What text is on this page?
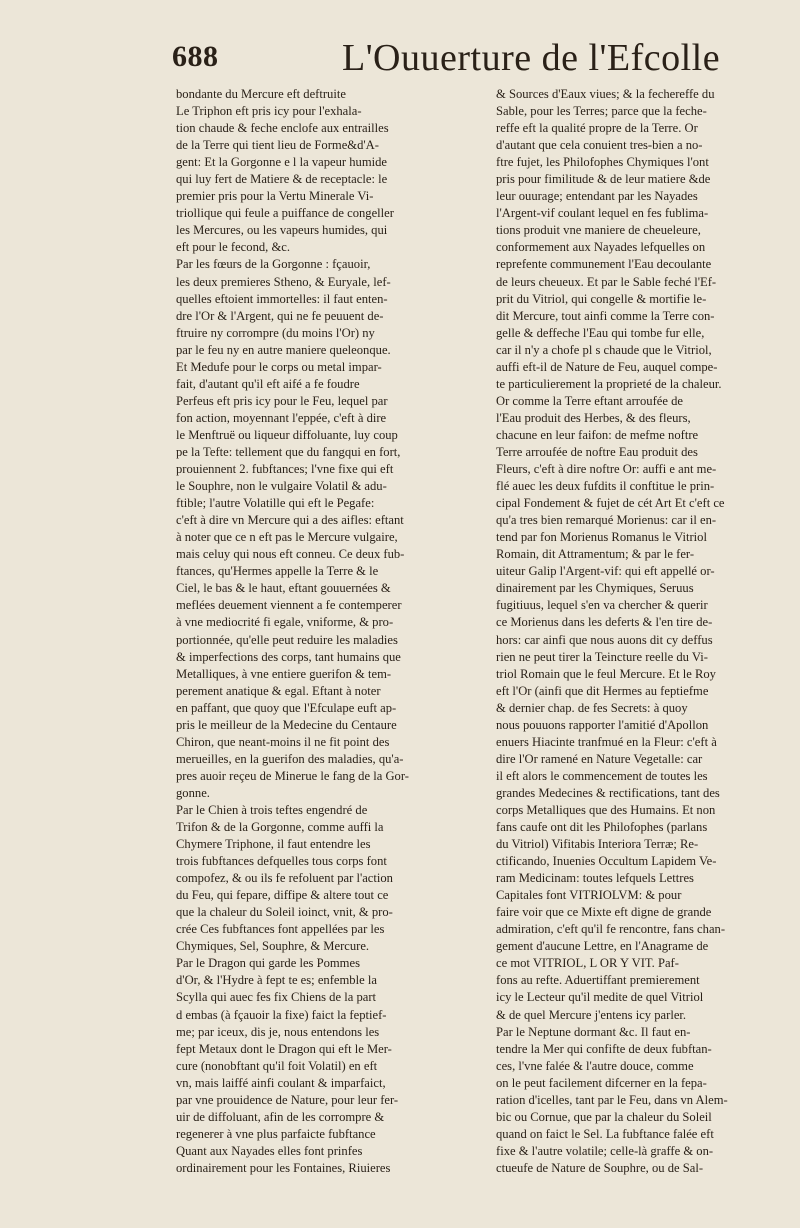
688	L'Ouuerture de l'Efcolle
bondante du Mercure eft deftruite
Le Triphon eft pris icy pour l'exhala-
tion chaude & feche enclofe aux entrailles
de la Terre qui tient lieu de Forme&d'A-
gent: Et la Gorgonne e l la vapeur humide
qui luy fert de Matiere & de receptacle: le
premier pris pour la Vertu Minerale Vi-
triollique qui feule a puiffance de congeller
les Mercures, ou les vapeurs humides, qui
eft pour le fecond, &c.
Par les fœurs de la Gorgonne : fçauoir,
les deux premieres Stheno, & Euryale, lef-
quelles eftoient immortelles: il faut enten-
dre l'Or & l'Argent, qui ne fe peuuent de-
ftruire ny corrompre (du moins l'Or) ny
par le feu ny en autre maniere queleonque.
Et Medufe pour le corps ou metal impar-
fait, d'autant qu'il eft aifé a fe foudre
Perfeus eft pris icy pour le Feu, lequel par
fon action, moyennant l'eppée, c'eft à dire
le Menftruë ou liqueur diffoluante, luy coup
pe la Tefte: tellement que du fangqui en fort,
prouiennent 2. fubftances; l'vne fixe qui eft
le Souphre, non le vulgaire Volatil & adu-
ftible; l'autre Volatille qui eft le Pegafe:
c'eft à dire vn Mercure qui a des aifles: eftant
à noter que ce n eft pas le Mercure vulgaire,
mais celuy qui nous eft conneu. Ce deux fub-
ftances, qu'Hermes appelle la Terre & le
Ciel, le bas & le haut, eftant gouuernées &
meflées deuement viennent a fe contemperer
à vne mediocrité fi egale, vniforme, & pro-
portionnée, qu'elle peut reduire les maladies
& imperfections des corps, tant humains que
Metalliques, à vne entiere guerifon & tem-
perement anatique & egal. Eftant à noter
en paffant, que quoy que l'Efculape euft ap-
pris le meilleur de la Medecine du Centaure
Chiron, que neant-moins il ne fit point des
merueilles, en la guerifon des maladies, qu'a-
pres auoir reçeu de Minerue le fang de la Gor-
gonne.
Par le Chien à trois teftes engendré de
Trifon & de la Gorgonne, comme auffi la
Chymere Triphone, il faut entendre les
trois fubftances defquelles tous corps font
compofez, & ou ils fe refoluent par l'action
du Feu, qui fepare, diffipe & altere tout ce
que la chaleur du Soleil ioinct, vnit, & pro-
crée Ces fubftances font appellées par les
Chymiques, Sel, Souphre, & Mercure.
Par le Dragon qui garde les Pommes
d'Or, & l'Hydre à fept te es; enfemble la
Scylla qui auec fes fix Chiens de la part
d embas (à fçauoir la fixe) faict la feptief-
me; par iceux, dis je, nous entendons les
fept Metaux dont le Dragon qui eft le Mer-
cure (nonobftant qu'il foit Volatil) en eft
vn, mais laiffé ainfi coulant & imparfaict,
par vne prouidence de Nature, pour leur fer-
uir de diffoluant, afin de les corrompre &
regenerer à vne plus parfaicte fubftance
Quant aux Nayades elles font prinfes
ordinairement pour les Fontaines, Riuieres
& Sources d'Eaux viues; & la fechereffe du
Sable, pour les Terres; parce que la feche-
reffe eft la qualité propre de la Terre. Or
d'autant que cela conuient tres-bien a no-
ftre fujet, les Philofophes Chymiques l'ont
pris pour fimilitude & de leur matiere &de
leur ouurage; entendant par les Nayades
l'Argent-vif coulant lequel en fes fublima-
tions produit vne maniere de cheueleure,
conformement aux Nayades lefquelles on
reprefente communement l'Eau decoulante
de leurs cheueux. Et par le Sable feché l'Ef-
prit du Vitriol, qui congelle & mortifie le-
dit Mercure, tout ainfi comme la Terre con-
gelle & deffeche l'Eau qui tombe fur elle,
car il n'y a chofe pl s chaude que le Vitriol,
auffi eft-il de Nature de Feu, auquel compe-
te particulierement la proprieté de la chaleur.
Or comme la Terre eftant arroufée de
l'Eau produit des Herbes, & des fleurs,
chacune en leur faifon: de mefme noftre
Terre arroufée de noftre Eau produit des
Fleurs, c'eft à dire noftre Or: auffi e ant me-
flé auec les deux fufdits il conftitue le prin-
cipal Fondement & fujet de cét Art Et c'eft ce
qu'a tres bien remarqué Morienus: car il en-
tend par fon Morienus Romanus le Vitriol
Romain, dit Attramentum; & par le fer-
uiteur Galip l'Argent-vif: qui eft appellé or-
dinairement par les Chymiques, Seruus
fugitiuus, lequel s'en va chercher & querir
ce Morienus dans les deferts & l'en tire de-
hors: car ainfi que nous auons dit cy deffus
rien ne peut tirer la Teincture reelle du Vi-
triol Romain que le feul Mercure. Et le Roy
eft l'Or (ainfi que dit Hermes au feptiefme
& dernier chap. de fes Secrets: à quoy
nous pouuons rapporter l'amitié d'Apollon
enuers Hiacinte tranfmué en la Fleur: c'eft à
dire l'Or ramené en Nature Vegetalle: car
il eft alors le commencement de toutes les
grandes Medecines & rectifications, tant des
corps Metalliques que des Humains. Et non
fans caufe ont dit les Philofophes (parlans
du Vitriol) Vifitabis Interiora Terræ; Re-
ctificando, Inuenies Occultum Lapidem Ve-
ram Medicinam: toutes lefquels Lettres
Capitales font VITRIOLVM: & pour
faire voir que ce Mixte eft digne de grande
admiration, c'eft qu'il fe rencontre, fans chan-
gement d'aucune Lettre, en l'Anagrame de
ce mot VITRIOL, L OR Y VIT. Paf-
fons au refte. Aduertiffant premierement
icy le Lecteur qu'il medite de quel Vitriol
& de quel Mercure j'entens icy parler.
Par le Neptune dormant &c. Il faut en-
tendre la Mer qui confifte de deux fubftan-
ces, l'vne falée & l'autre douce, comme
on le peut facilement difcerner en la fepa-
ration d'icelles, tant par le Feu, dans vn Alem-
bic ou Cornue, que par la chaleur du Soleil
quand on faict le Sel. La fubftance falée eft
fixe & l'autre volatile; celle-là graffe & on-
ctueufe de Nature de Souphre, ou de Sal-
